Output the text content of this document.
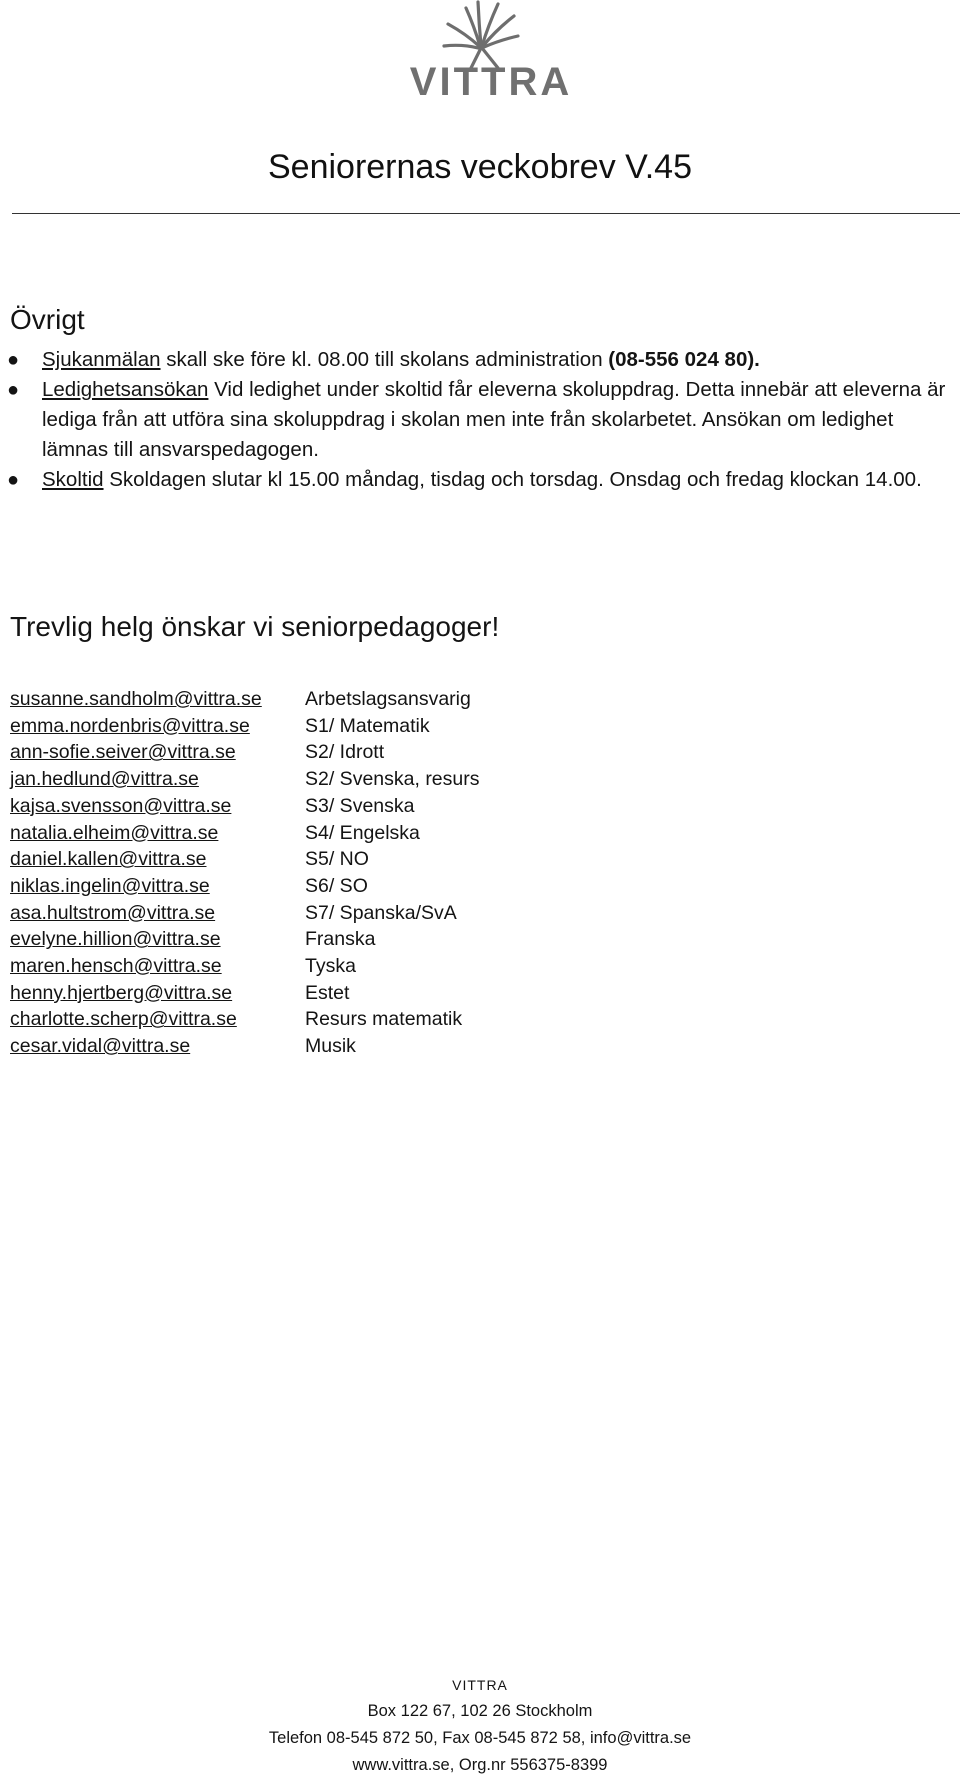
VITTRA
Seniorernas veckobrev V.45
Övrigt
● Sjukanmälan skall ske före kl. 08.00 till skolans administration (08-556 024 80).
● Ledighetsansökan Vid ledighet under skoltid får eleverna skoluppdrag. Detta innebär att eleverna är lediga från att utföra sina skoluppdrag i skolan men inte från skolarbetet. Ansökan om ledighet lämnas till ansvarspedagogen.
● Skoltid Skoldagen slutar kl 15.00 måndag, tisdag och torsdag. Onsdag och fredag klockan 14.00.
Trevlig helg önskar vi seniorpedagoger!
susanne.sandholm@vittra.se	Arbetslagsansvarig
emma.nordenbris@vittra.se	S1/ Matematik
ann-sofie.seiver@vittra.se	S2/ Idrott
jan.hedlund@vittra.se	S2/ Svenska, resurs
kajsa.svensson@vittra.se	S3/ Svenska
natalia.elheim@vittra.se	S4/ Engelska
daniel.kallen@vittra.se	S5/ NO
niklas.ingelin@vittra.se	S6/ SO
asa.hultstrom@vittra.se	S7/ Spanska/SvA
evelyne.hillion@vittra.se	Franska
maren.hensch@vittra.se	Tyska
henny.hjertberg@vittra.se	Estet
charlotte.scherp@vittra.se	Resurs matematik
cesar.vidal@vittra.se	Musik
VITTRA
Box 122 67, 102 26 Stockholm
Telefon 08-545 872 50, Fax 08-545 872 58, info@vittra.se
www.vittra.se, Org.nr 556375-8399
